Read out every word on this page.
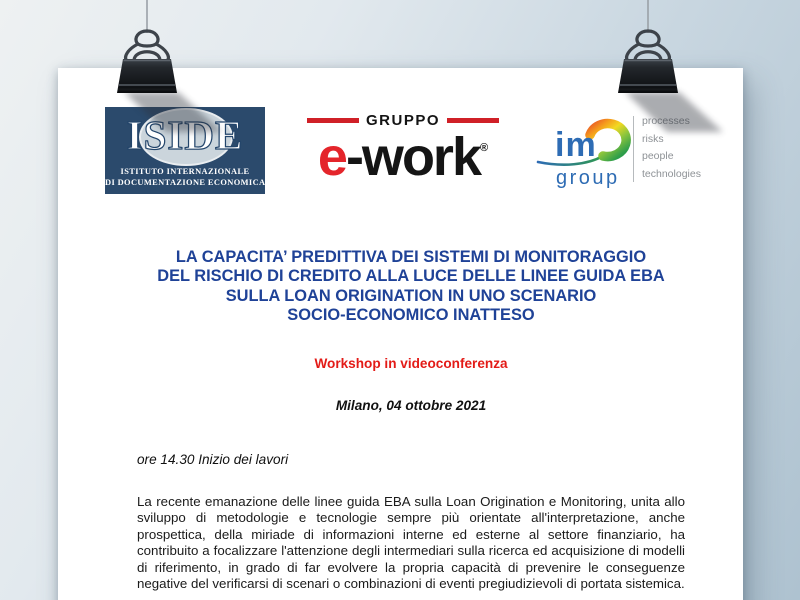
ISIDE
ISTITUTO INTERNAZIONALE
DI DOCUMENTAZIONE ECONOMICA
GRUPPO
e-work®	im
group
processes
risks
people
technologies
LA CAPACITA’ PREDITTIVA DEI SISTEMI DI MONITORAGGIO
DEL RISCHIO DI CREDITO ALLA LUCE DELLE LINEE GUIDA EBA
SULLA LOAN ORIGINATION IN UNO SCENARIO
SOCIO-ECONOMICO INATTESO
Workshop in videoconferenza
Milano, 04 ottobre 2021
ore 14.30 Inizio dei lavori
La recente emanazione delle linee guida EBA sulla Loan Origination e Monitoring, unita allo sviluppo di metodologie e tecnologie sempre più orientate all'interpretazione, anche prospettica, della miriade di informazioni interne ed esterne al settore finanziario, ha contribuito a focalizzare l'attenzione degli intermediari sulla ricerca ed acquisizione di modelli di riferimento, in grado di far evolvere la propria capacità di prevenire le conseguenze negative del verificarsi di scenari o combinazioni di eventi pregiudizievoli di portata sistemica.
